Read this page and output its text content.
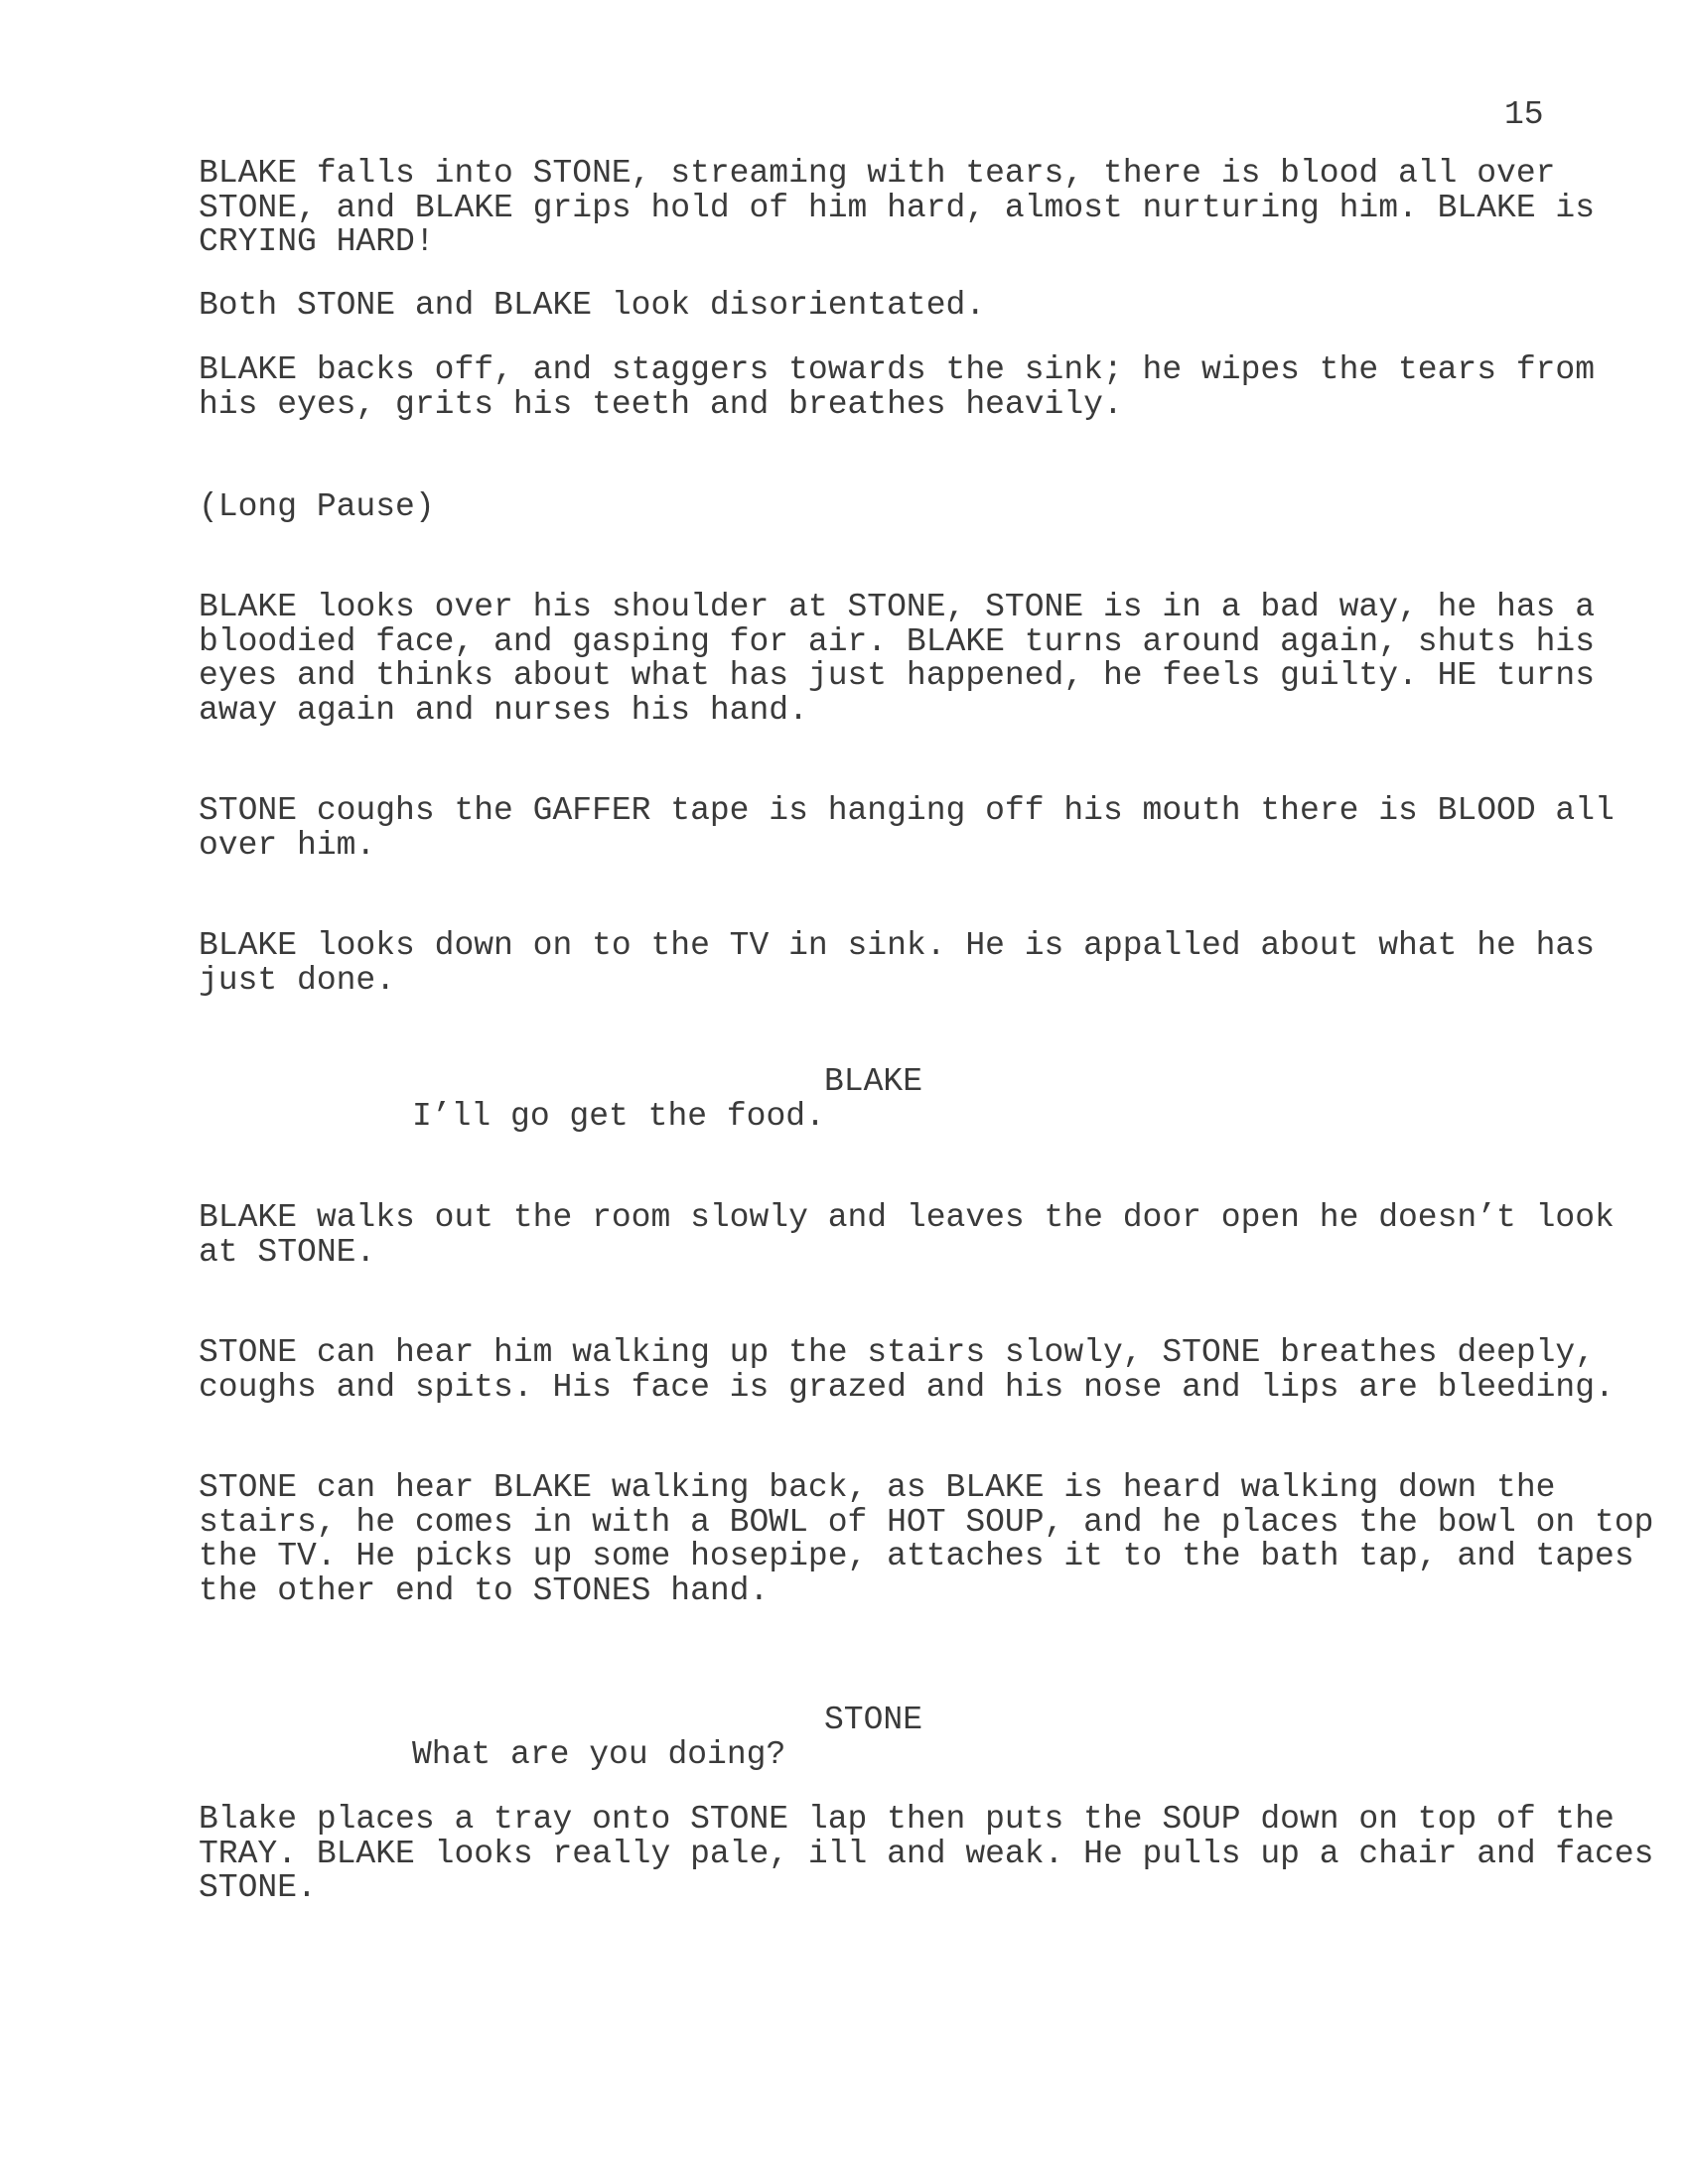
15
BLAKE falls into STONE, streaming with tears, there is blood all over
STONE, and BLAKE grips hold of him hard, almost nurturing him. BLAKE is
CRYING HARD!
Both STONE and BLAKE look disorientated.
BLAKE backs off, and staggers towards the sink; he wipes the tears from
his eyes, grits his teeth and breathes heavily.
(Long Pause)
BLAKE looks over his shoulder at STONE, STONE is in a bad way, he has a
bloodied face, and gasping for air. BLAKE turns around again, shuts his
eyes and thinks about what has just happened, he feels guilty. HE turns
away again and nurses his hand.
STONE coughs the GAFFER tape is hanging off his mouth there is BLOOD all
over him.
BLAKE looks down on to the TV in sink. He is appalled about what he has
just done.
BLAKE
I’ll go get the food.
BLAKE walks out the room slowly and leaves the door open he doesn’t look
at STONE.
STONE can hear him walking up the stairs slowly, STONE breathes deeply,
coughs and spits. His face is grazed and his nose and lips are bleeding.
STONE can hear BLAKE walking back, as BLAKE is heard walking down the
stairs, he comes in with a BOWL of HOT SOUP, and he places the bowl on top
the TV. He picks up some hosepipe, attaches it to the bath tap, and tapes
the other end to STONES hand.
STONE
What are you doing?
Blake places a tray onto STONE lap then puts the SOUP down on top of the
TRAY. BLAKE looks really pale, ill and weak. He pulls up a chair and faces
STONE.
